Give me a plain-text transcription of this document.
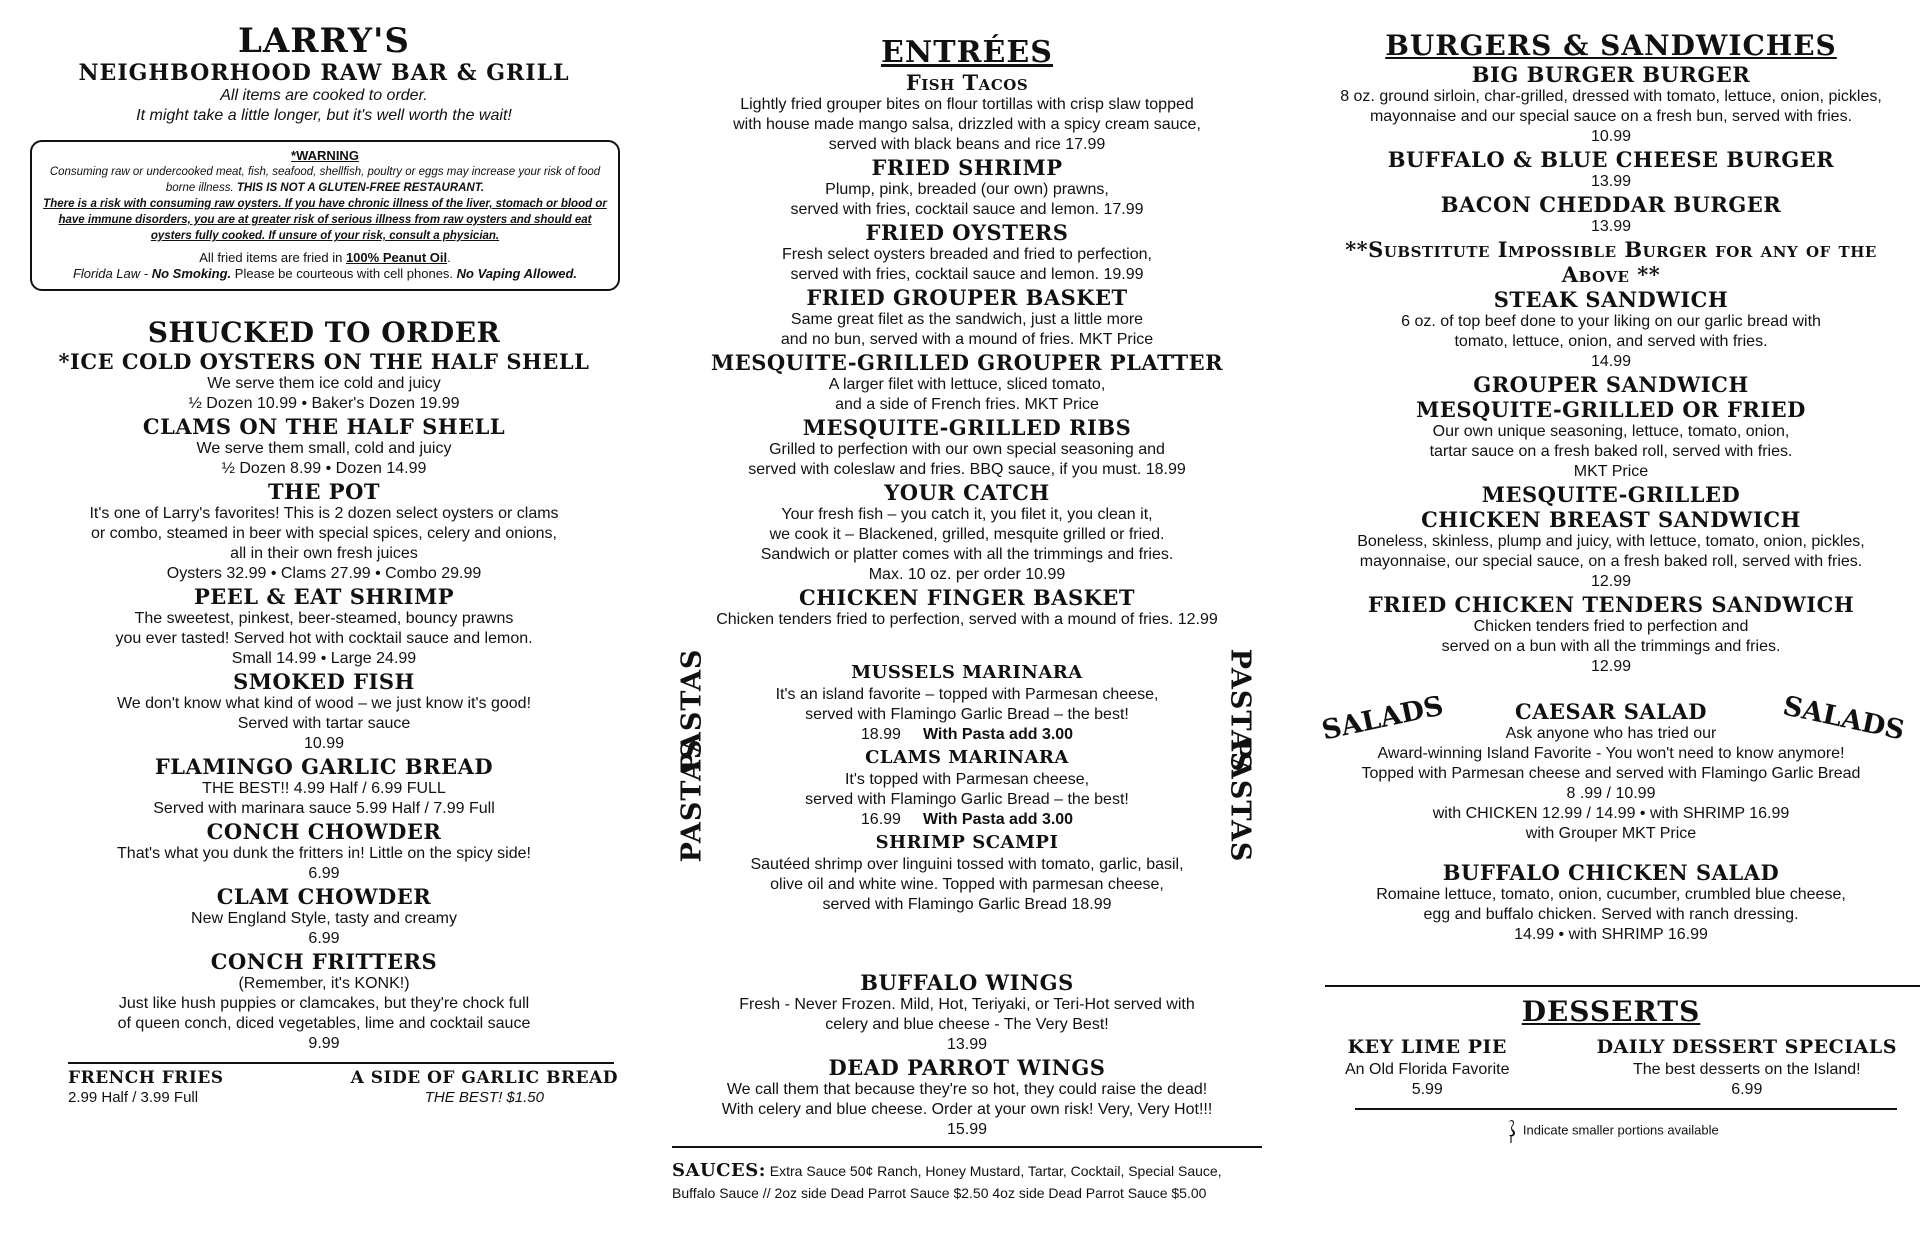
LARRY'S
NEIGHBORHOOD RAW BAR & GRILL

All items are cooked to order.

It might take a little longer, but it's well worth the wait!

*WARNING

Consuming raw or undercooked meat, fish, seafood, shellfish, poultry or eggs may increase your risk of food borne illness. THIS IS NOT A GLUTEN-FREE RESTAURANT.

There is a risk with consuming raw oysters. If you have chronic illness of the liver, stomach or blood or have immune disorders, you are at greater risk of serious illness from raw oysters and should eat oysters fully cooked. If unsure of your risk, consult a physician.

All fried items are fried in 100% Peanut Oil.

Florida Law - No Smoking. Please be courteous with cell phones. No Vaping Allowed.

SHUCKED TO ORDER
*ICE COLD OYSTERS ON THE HALF SHELL

We serve them ice cold and juicy

½ Dozen 10.99 • Baker's Dozen 19.99

CLAMS ON THE HALF SHELL

We serve them small, cold and juicy

½ Dozen 8.99 • Dozen 14.99

THE POT

It's one of Larry's favorites! This is 2 dozen select oysters or clams

or combo, steamed in beer with special spices, celery and onions,

all in their own fresh juices

Oysters 32.99 • Clams 27.99 • Combo 29.99

PEEL & EAT SHRIMP

The sweetest, pinkest, beer-steamed, bouncy prawns

you ever tasted! Served hot with cocktail sauce and lemon.

Small 14.99 • Large 24.99

SMOKED FISH

We don't know what kind of wood – we just know it's good!

Served with tartar sauce

10.99

FLAMINGO GARLIC BREAD

THE BEST!! 4.99 Half / 6.99 FULL

Served with marinara sauce 5.99 Half / 7.99 Full

CONCH CHOWDER

That's what you dunk the fritters in! Little on the spicy side!

6.99

CLAM CHOWDER

New England Style, tasty and creamy

6.99

CONCH FRITTERS

(Remember, it's KONK!)

Just like hush puppies or clamcakes, but they're chock full

of queen conch, diced vegetables, lime and cocktail sauce

9.99

FRENCH FRIES

2.99 Half / 3.99 Full

A SIDE OF GARLIC BREAD

THE BEST! $1.50

ENTRÉES
Fish Tacos

Lightly fried grouper bites on flour tortillas with crisp slaw topped

with house made mango salsa, drizzled with a spicy cream sauce,

served with black beans and rice 17.99

FRIED SHRIMP

Plump, pink, breaded (our own) prawns,

served with fries, cocktail sauce and lemon. 17.99

FRIED OYSTERS

Fresh select oysters breaded and fried to perfection,

served with fries, cocktail sauce and lemon. 19.99

FRIED GROUPER BASKET

Same great filet as the sandwich, just a little more

and no bun, served with a mound of fries. MKT Price

MESQUITE-GRILLED GROUPER PLATTER

A larger filet with lettuce, sliced tomato,

and a side of French fries. MKT Price

MESQUITE-GRILLED RIBS

Grilled to perfection with our own special seasoning and

served with coleslaw and fries. BBQ sauce, if you must. 18.99

YOUR CATCH

Your fresh fish – you catch it, you filet it, you clean it,

we cook it – Blackened, grilled, mesquite grilled or fried.

Sandwich or platter comes with all the trimmings and fries.

Max. 10 oz. per order 10.99

CHICKEN FINGER BASKET

Chicken tenders fried to perfection, served with a mound of fries. 12.99

PASTAS
PASTAS
PASTAS
PASTAS
MUSSELS MARINARA

It's an island favorite – topped with Parmesan cheese,

served with Flamingo Garlic Bread – the best!

18.99 With Pasta add 3.00

CLAMS MARINARA

It's topped with Parmesan cheese,

served with Flamingo Garlic Bread – the best!

16.99 With Pasta add 3.00

SHRIMP SCAMPI

Sautéed shrimp over linguini tossed with tomato, garlic, basil,

olive oil and white wine. Topped with parmesan cheese,

served with Flamingo Garlic Bread 18.99

BUFFALO WINGS

Fresh - Never Frozen. Mild, Hot, Teriyaki, or Teri-Hot served with

celery and blue cheese - The Very Best!

13.99

DEAD PARROT WINGS

We call them that because they're so hot, they could raise the dead!

With celery and blue cheese. Order at your own risk! Very, Very Hot!!!

15.99

SAUCES: Extra Sauce 50¢ Ranch, Honey Mustard, Tartar, Cocktail, Special Sauce,
Buffalo Sauce // 2oz side Dead Parrot Sauce $2.50 4oz side Dead Parrot Sauce $5.00
BURGERS & SANDWICHES
BIG BURGER BURGER

8 oz. ground sirloin, char-grilled, dressed with tomato, lettuce, onion, pickles,

mayonnaise and our special sauce on a fresh bun, served with fries.

10.99

BUFFALO & BLUE CHEESE BURGER

13.99

BACON CHEDDAR BURGER

13.99

**Substitute Impossible Burger for any of the Above **
STEAK SANDWICH

6 oz. of top beef done to your liking on our garlic bread with

tomato, lettuce, onion, and served with fries.

14.99

GROUPER SANDWICH
MESQUITE-GRILLED OR FRIED

Our own unique seasoning, lettuce, tomato, onion,

tartar sauce on a fresh baked roll, served with fries.

MKT Price

MESQUITE-GRILLED
CHICKEN BREAST SANDWICH

Boneless, skinless, plump and juicy, with lettuce, tomato, onion, pickles,

mayonnaise, our special sauce, on a fresh baked roll, served with fries.

12.99

FRIED CHICKEN TENDERS SANDWICH

Chicken tenders fried to perfection and

served on a bun with all the trimmings and fries.

12.99

SALADS	SALADS
CAESAR SALAD

Ask anyone who has tried our

Award-winning Island Favorite - You won't need to know anymore!

Topped with Parmesan cheese and served with Flamingo Garlic Bread

8 .99 / 10.99

with CHICKEN 12.99 / 14.99 • with SHRIMP 16.99

with Grouper MKT Price

BUFFALO CHICKEN SALAD

Romaine lettuce, tomato, onion, cucumber, crumbled blue cheese,

egg and buffalo chicken. Served with ranch dressing.

14.99 • with SHRIMP 16.99

DESSERTS
KEY LIME PIE

An Old Florida Favorite

5.99

DAILY DESSERT SPECIALS

The best desserts on the Island!

6.99

Indicate smaller portions available
